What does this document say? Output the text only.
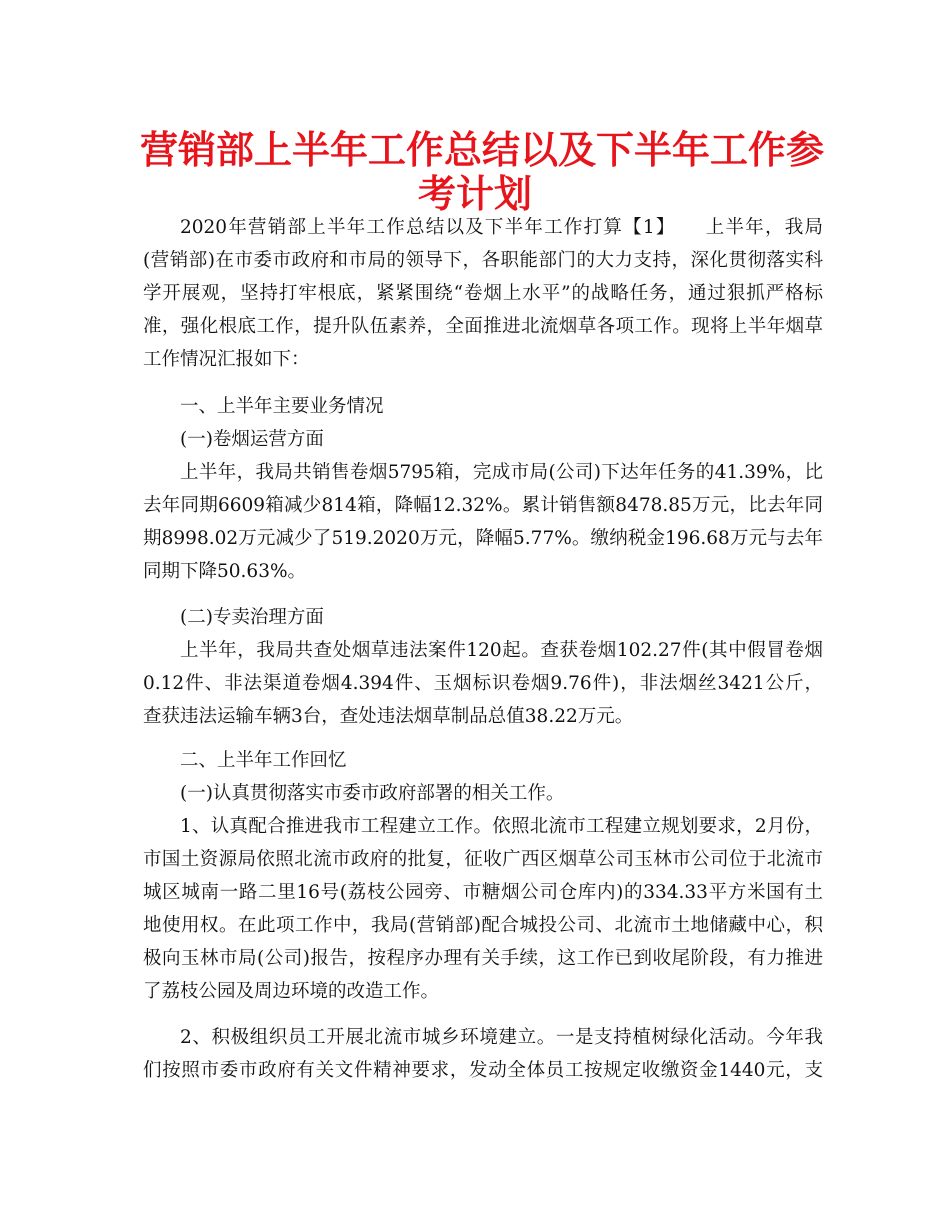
营销部上半年工作总结以及下半年工作参
考计划

2020年营销部上半年工作总结以及下半年工作打算【1】　　上半年，我局

(营销部)在市委市政府和市局的领导下，各职能部门的大力支持，深化贯彻落实科

学开展观，坚持打牢根底，紧紧围绕“卷烟上水平”的战略任务，通过狠抓严格标

准，强化根底工作，提升队伍素养，全面推进北流烟草各项工作。现将上半年烟草

工作情况汇报如下：

一、上半年主要业务情况

(一)卷烟运营方面

上半年，我局共销售卷烟5795箱，完成市局(公司)下达年任务的41.39%，比

去年同期6609箱减少814箱，降幅12.32%。累计销售额8478.85万元，比去年同

期8998.02万元减少了519.2020万元，降幅5.77%。缴纳税金196.68万元与去年

同期下降50.63%。

(二)专卖治理方面

上半年，我局共查处烟草违法案件120起。查获卷烟102.27件(其中假冒卷烟

0.12件、非法渠道卷烟4.394件、玉烟标识卷烟9.76件)，非法烟丝3421公斤，

查获违法运输车辆3台，查处违法烟草制品总值38.22万元。

二、上半年工作回忆

(一)认真贯彻落实市委市政府部署的相关工作。

1、认真配合推进我市工程建立工作。依照北流市工程建立规划要求，2月份，

市国土资源局依照北流市政府的批复，征收广西区烟草公司玉林市公司位于北流市

城区城南一路二里16号(荔枝公园旁、市糖烟公司仓库内)的334.33平方米国有土

地使用权。在此项工作中，我局(营销部)配合城投公司、北流市土地储藏中心，积

极向玉林市局(公司)报告，按程序办理有关手续，这工作已到收尾阶段，有力推进

了荔枝公园及周边环境的改造工作。

2、积极组织员工开展北流市城乡环境建立。一是支持植树绿化活动。今年我

们按照市委市政府有关文件精神要求，发动全体员工按规定收缴资金1440元，支
